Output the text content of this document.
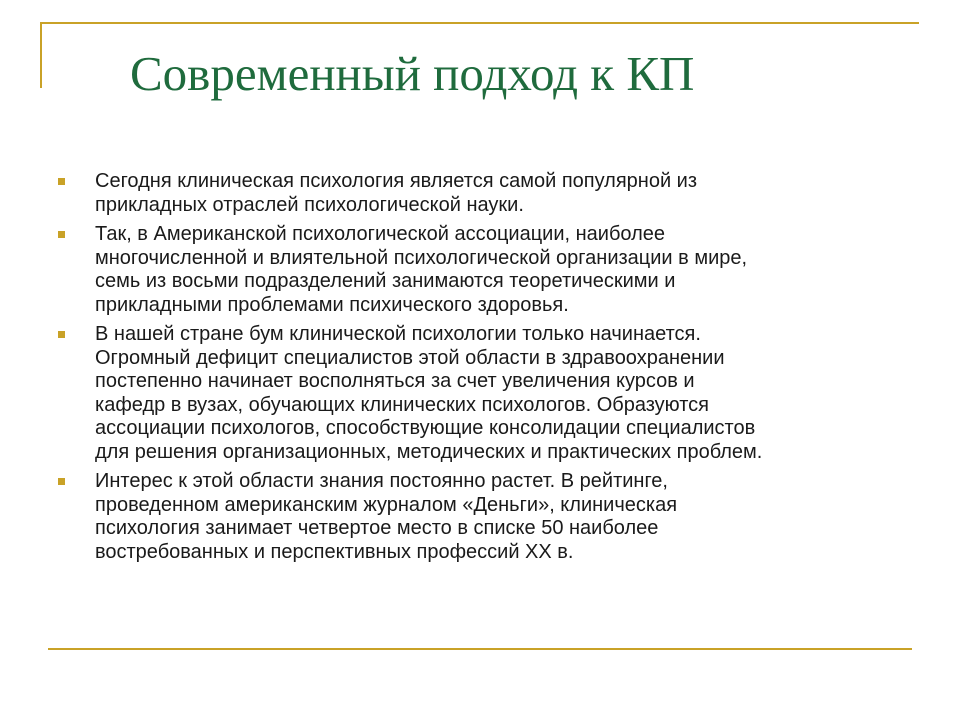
Современный подход к КП
Сегодня клиническая психология является самой популярной из
прикладных отраслей психологической науки.
Так, в Американской психологической ассоциации, наиболее
многочисленной и влиятельной психологической организации в мире,
семь из восьми подразделений занимаются теоретическими и
прикладными проблемами психического здоровья.
В нашей стране бум клинической психологии только начинается.
Огромный дефицит специалистов этой области в здравоохранении
постепенно начинает восполняться за счет увеличения курсов и
кафедр в вузах, обучающих клинических психологов. Образуются
ассоциации психологов, способствующие консолидации специалистов
для решения организационных, методических и практических проблем.
Интерес к этой области знания постоянно растет. В рейтинге,
проведенном американским журналом «Деньги», клиническая
психология занимает четвертое место в списке 50 наиболее
востребованных и перспективных профессий XX в.
